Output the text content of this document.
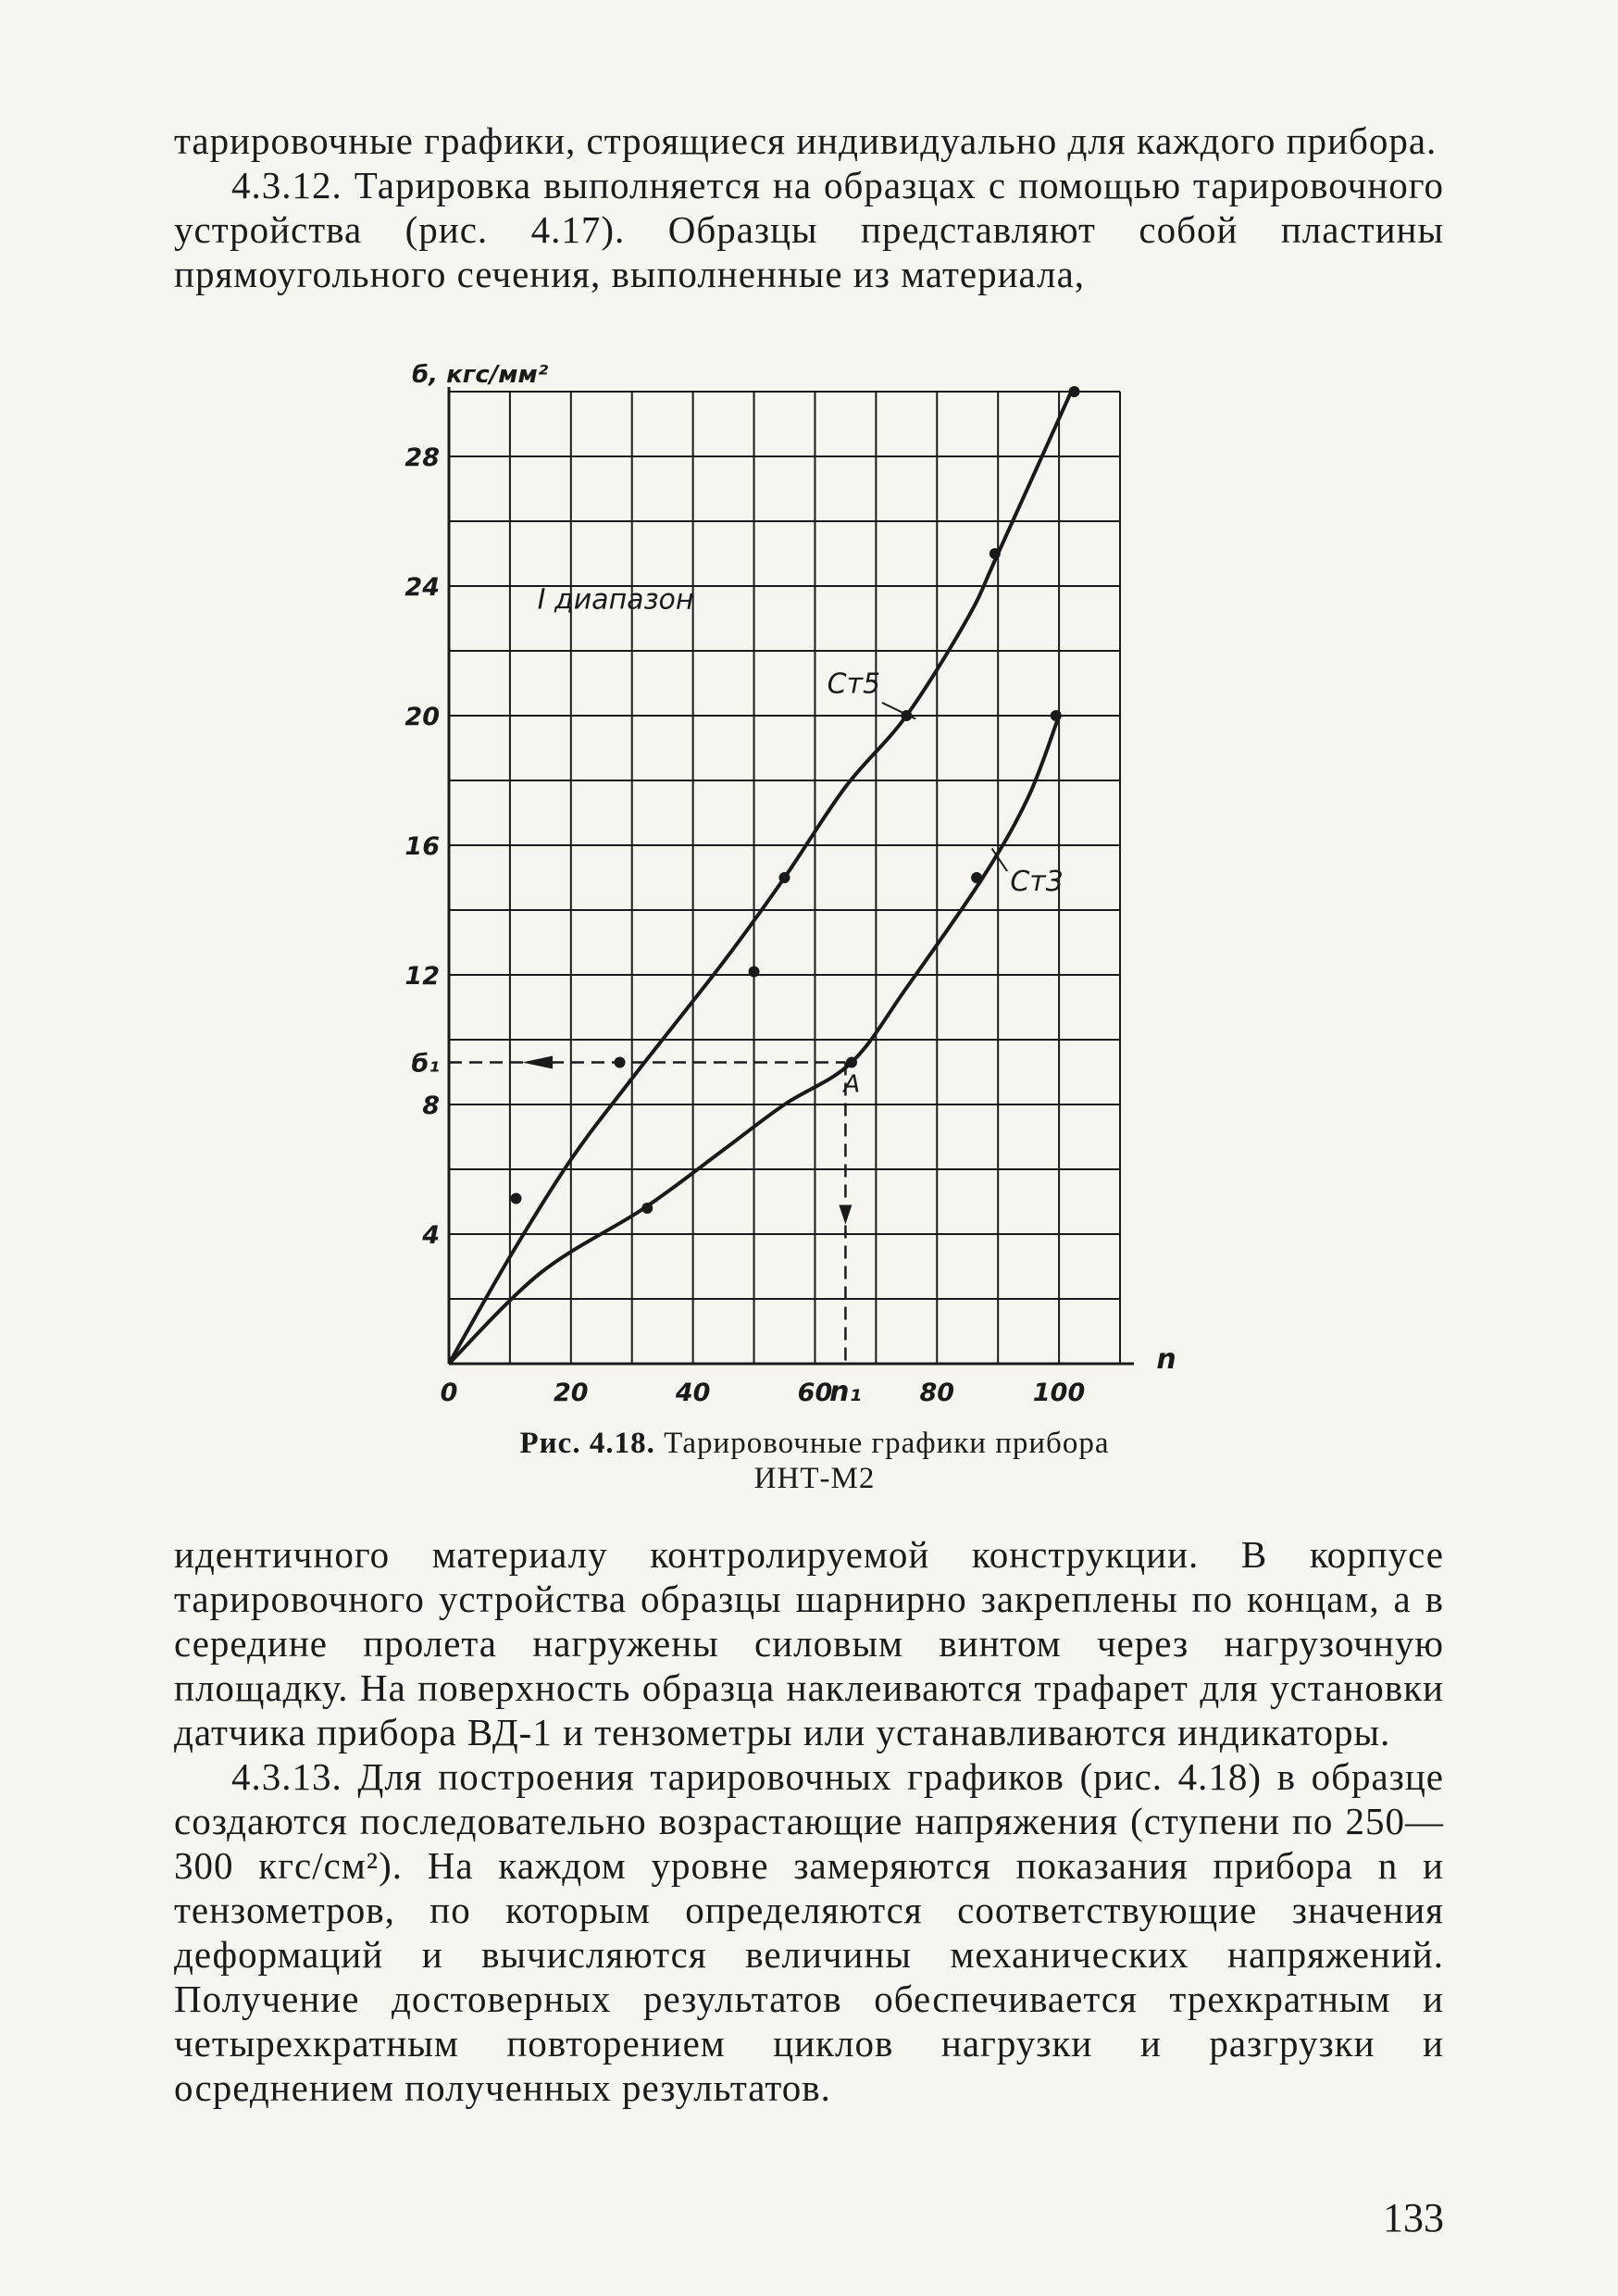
тарировочные графики, строящиеся индивидуально для каждого прибора.

4.3.12. Тарировка выполняется на образцах с помощью тарировочного устройства (рис. 4.17). Образцы представляют собой пластины прямоугольного сечения, выполненные из материала,

0	20	40	60	80	100
4
8
12
16
20
24
28
б, кгс/мм²
n
Ст5
Ст3
I диапазон
б₁
n₁
A
Рис. 4.18. Тарировочные графики прибора
ИНТ-М2

идентичного материалу контролируемой конструкции. В корпусе тарировочного устройства образцы шарнирно закреплены по концам, а в середине пролета нагружены силовым винтом через нагрузочную площадку. На поверхность образца наклеиваются трафарет для установки датчика прибора ВД-1 и тензометры или устанавливаются индикаторы.

4.3.13. Для построения тарировочных графиков (рис. 4.18) в образце создаются последовательно возрастающие напряжения (ступени по 250—300 кгс/см²). На каждом уровне замеряются показания прибора n и тензометров, по которым определяются соответствующие значения деформаций и вычисляются величины механических напряжений. Получение достоверных результатов обеспечивается трехкратным и четырехкратным повторением циклов нагрузки и разгрузки и осреднением полученных результатов.

133
